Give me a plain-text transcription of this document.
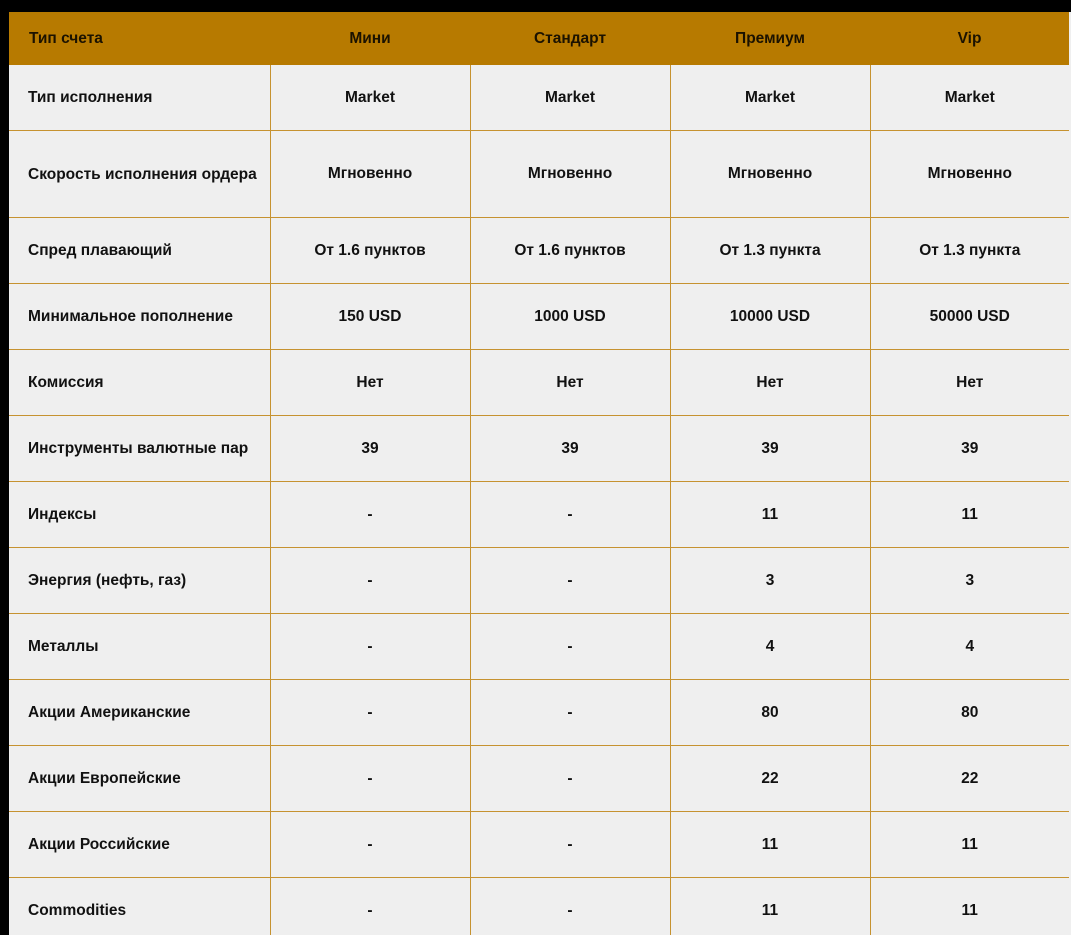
Тип счета	Мини	Стандарт	Премиум	Vip
Тип исполнения	Market	Market	Market	Market
Скорость исполнения ордера	Мгновенно	Мгновенно	Мгновенно	Мгновенно
Спред плавающий	От 1.6 пунктов	От 1.6 пунктов	От 1.3 пункта	От 1.3 пункта
Минимальное пополнение	150 USD	1000 USD	10000 USD	50000 USD
Комиссия	Нет	Нет	Нет	Нет
Инструменты валютные пар	39	39	39	39
Индексы	-	-	11	11
Энергия (нефть, газ)	-	-	3	3
Металлы	-	-	4	4
Акции Американские	-	-	80	80
Акции Европейские	-	-	22	22
Акции Российские	-	-	11	11
Commodities	-	-	11	11
